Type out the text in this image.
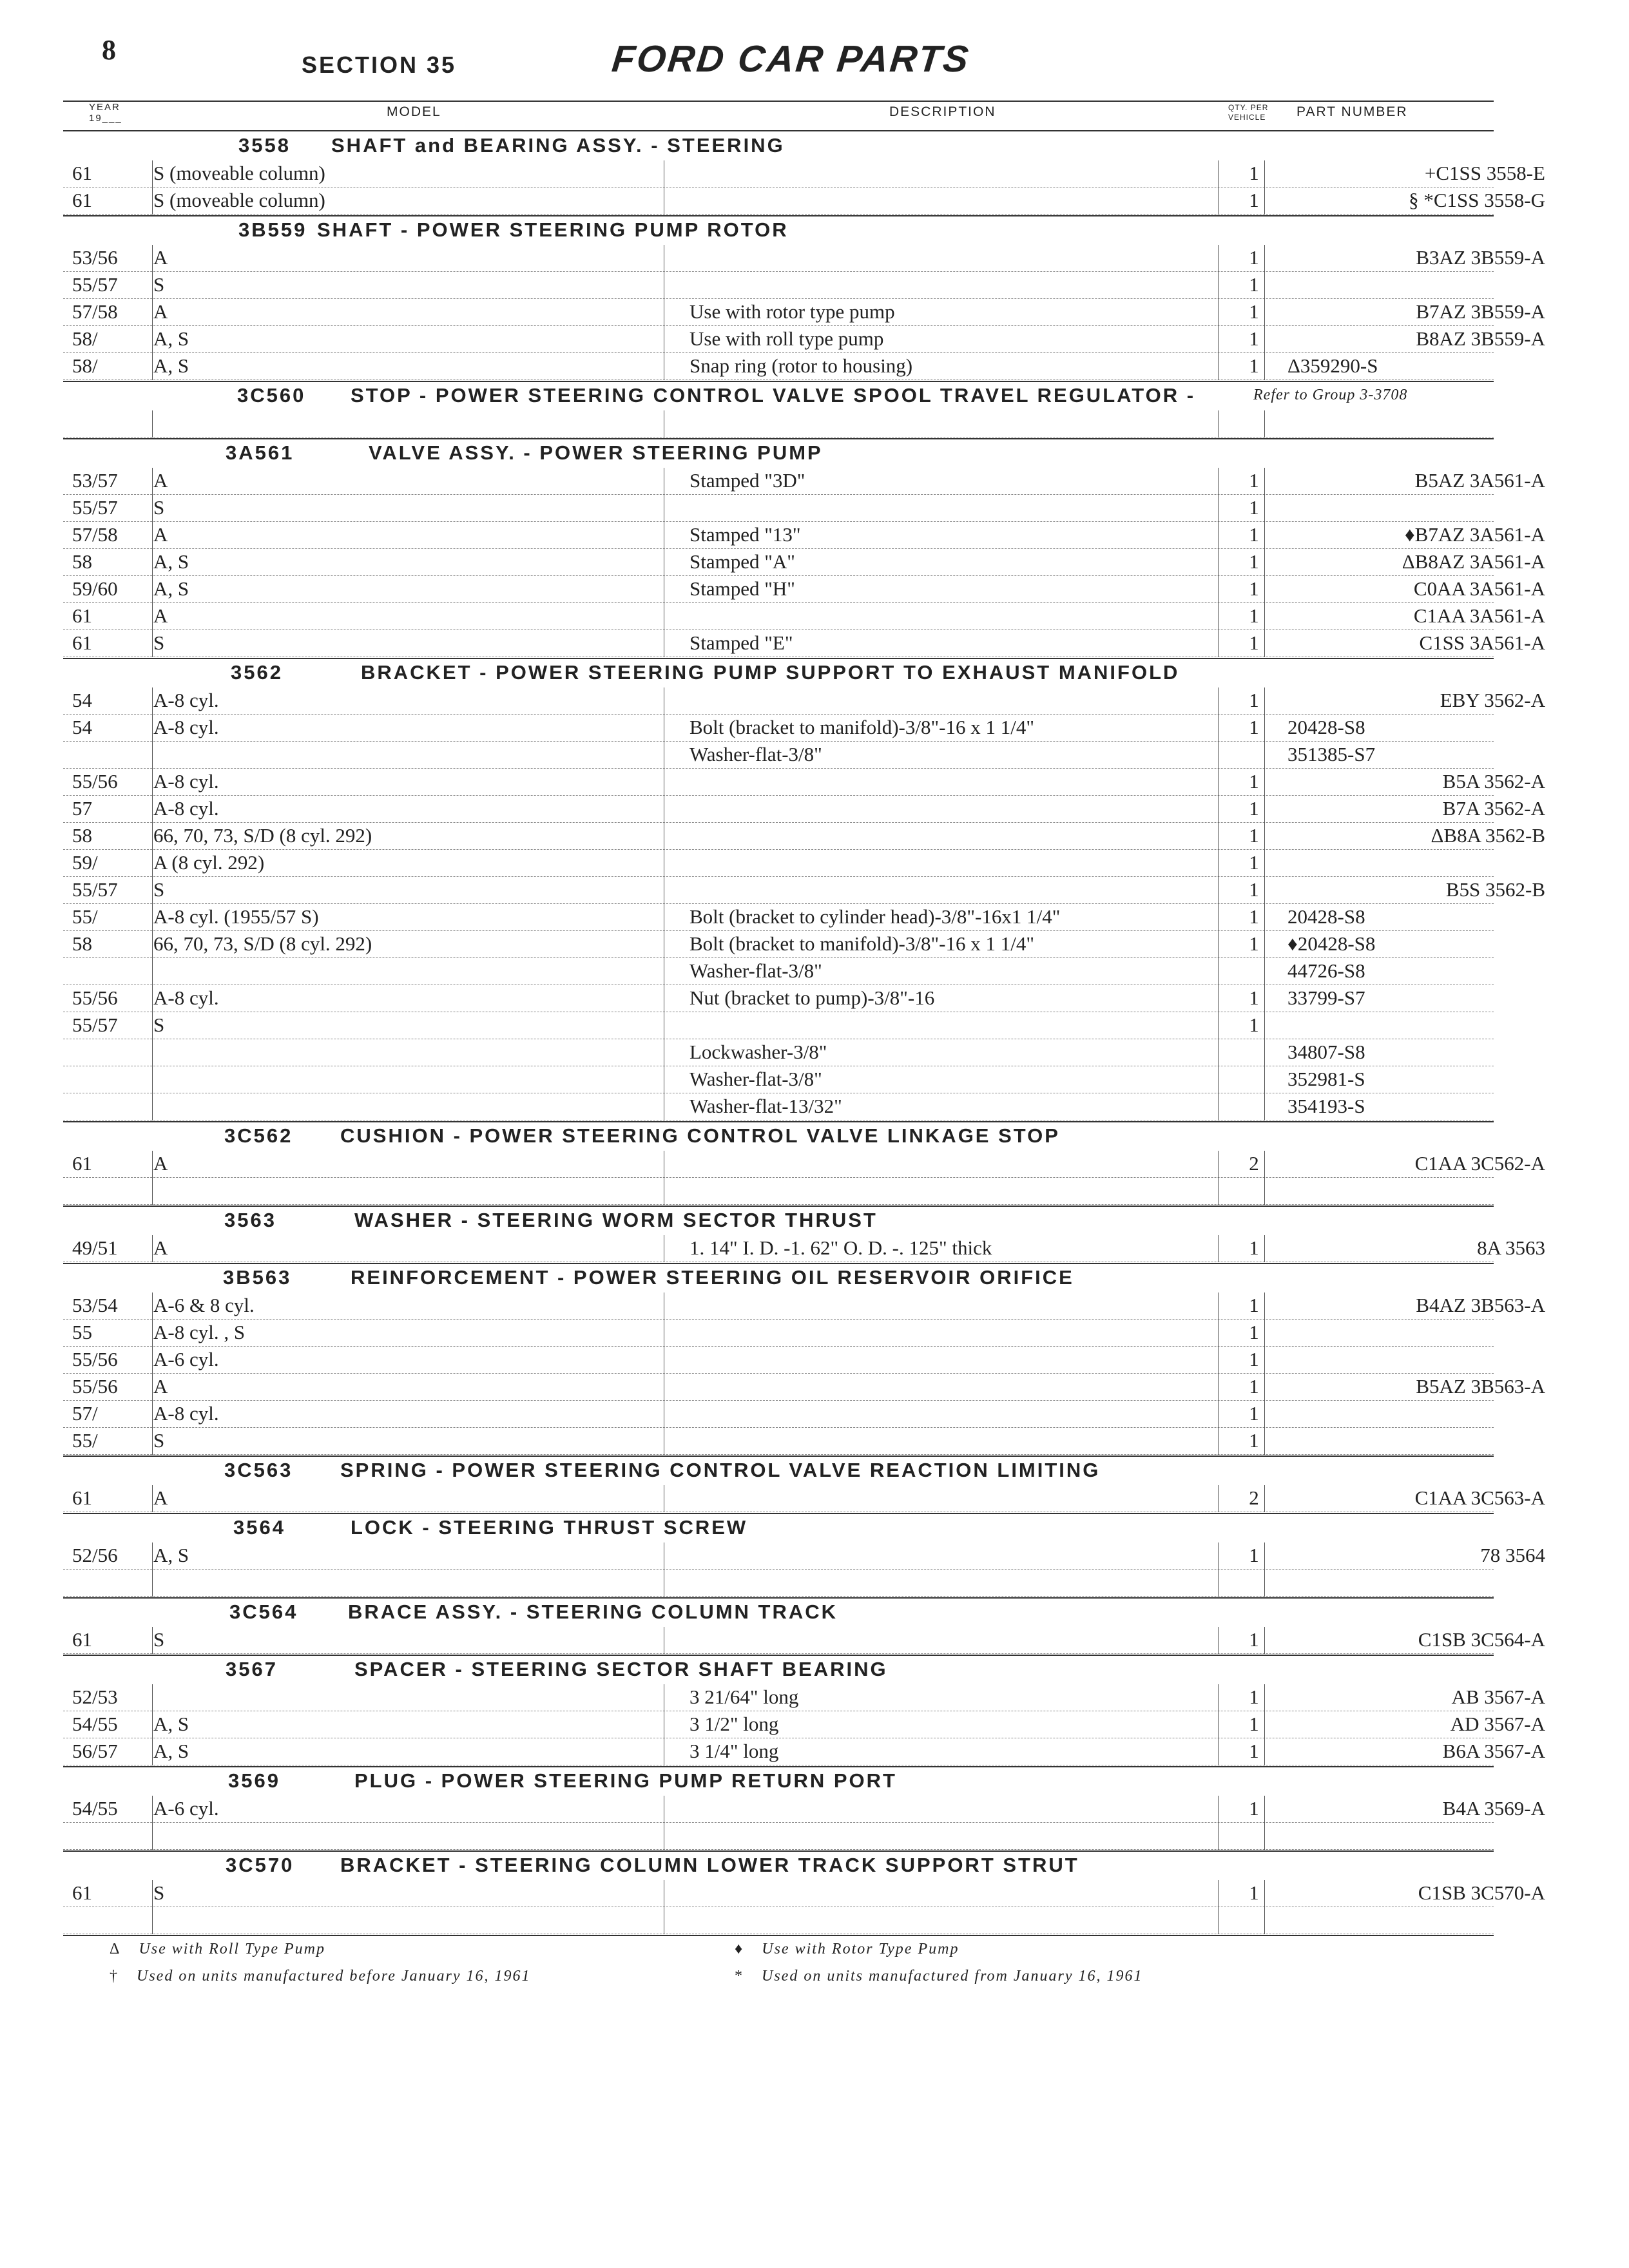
8	SECTION 35	FORD CAR PARTS
YEAR
19___	MODEL	DESCRIPTION	QTY. PER
VEHICLE PART NUMBER
3558 SHAFT and BEARING ASSY. - STEERING
61	S (moveable column)	1	+C1SS 3558-E
61	S (moveable column)	1	§ *C1SS 3558-G
3B559 SHAFT - POWER STEERING PUMP ROTOR
53/56 A	1	B3AZ 3B559-A
55/57 S	1
57/58 A	Use with rotor type pump	1	B7AZ 3B559-A
58/	A, S	Use with roll type pump	1	B8AZ 3B559-A
58/	A, S	Snap ring (rotor to housing)	1	Δ359290-S
3C560 STOP - POWER STEERING CONTROL VALVE SPOOL TRAVEL REGULATOR -	Refer to Group 3-3708
3A561	VALVE ASSY. - POWER STEERING PUMP
53/57 A	Stamped "3D"	1	B5AZ 3A561-A
55/57 S	1
57/58 A	Stamped "13"	1	♦B7AZ 3A561-A
58	A, S	Stamped "A"	1	ΔB8AZ 3A561-A
59/60 A, S	Stamped "H"	1	C0AA 3A561-A
61	A	1	C1AA 3A561-A
61	S	Stamped "E"	1	C1SS 3A561-A
3562	BRACKET - POWER STEERING PUMP SUPPORT TO EXHAUST MANIFOLD
54	A-8 cyl.	1	EBY 3562-A
54	A-8 cyl.	Bolt (bracket to manifold)-3/8"-16 x 1 1/4"	1	20428-S8
Washer-flat-3/8"	351385-S7
55/56 A-8 cyl.	1	B5A 3562-A
57	A-8 cyl.	1	B7A 3562-A
58	66, 70, 73, S/D (8 cyl. 292)	1	ΔB8A 3562-B
59/	A (8 cyl. 292)	1
55/57 S	1	B5S 3562-B
55/	A-8 cyl. (1955/57 S)	Bolt (bracket to cylinder head)-3/8"-16x1 1/4"	1	20428-S8
58	66, 70, 73, S/D (8 cyl. 292)	Bolt (bracket to manifold)-3/8"-16 x 1 1/4"	1	♦20428-S8
Washer-flat-3/8"	44726-S8
55/56 A-8 cyl.	Nut (bracket to pump)-3/8"-16	1	33799-S7
55/57 S	1
Lockwasher-3/8"	34807-S8
Washer-flat-3/8"	352981-S
Washer-flat-13/32"	354193-S
3C562 CUSHION - POWER STEERING CONTROL VALVE LINKAGE STOP
61	A	2	C1AA 3C562-A
3563	WASHER - STEERING WORM SECTOR THRUST
49/51 A	1. 14" I. D. -1. 62" O. D. -. 125" thick	1	8A 3563
3B563	REINFORCEMENT - POWER STEERING OIL RESERVOIR ORIFICE
53/54 A-6 & 8 cyl.	1	B4AZ 3B563-A
55	A-8 cyl. , S	1
55/56 A-6 cyl.	1
55/56 A	1	B5AZ 3B563-A
57/	A-8 cyl.	1
55/	S	1
3C563 SPRING - POWER STEERING CONTROL VALVE REACTION LIMITING
61	A	2	C1AA 3C563-A
3564	LOCK - STEERING THRUST SCREW
52/56 A, S	1	78 3564
3C564	BRACE ASSY. - STEERING COLUMN TRACK
61	S	1	C1SB 3C564-A
3567	SPACER - STEERING SECTOR SHAFT BEARING
52/53	3 21/64" long	1	AB 3567-A
54/55 A, S	3 1/2" long	1	AD 3567-A
56/57 A, S	3 1/4" long	1	B6A 3567-A
3569	PLUG - POWER STEERING PUMP RETURN PORT
54/55 A-6 cyl.	1	B4A 3569-A
3C570 BRACKET - STEERING COLUMN LOWER TRACK SUPPORT STRUT
61	S	1	C1SB 3C570-A
Δ Use with Roll Type Pump	♦ Use with Rotor Type Pump
† Used on units manufactured before January 16, 1961	* Used on units manufactured from January 16, 1961
